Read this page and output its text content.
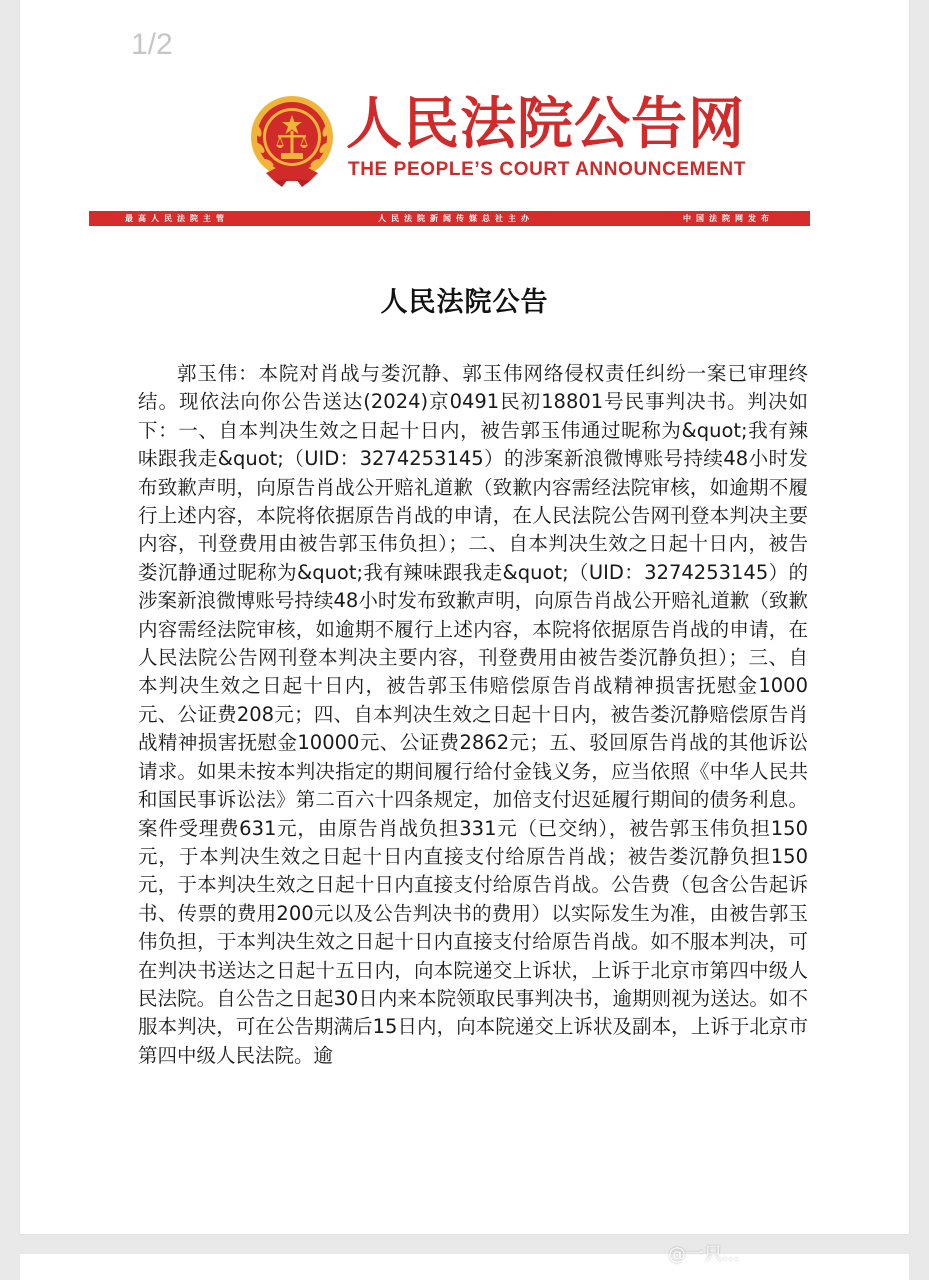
1/2
人民法院公告网
THE PEOPLE’S COURT ANNOUNCEMENT
最高人民法院主管	人民法院新闻传媒总社主办	中国法院网发布
人民法院公告
郭玉伟：本院对肖战与娄沉静、郭玉伟网络侵权责任纠纷一案已审理终结。现依法向你公告送达(2024)京0491民初18801号民事判决书。判决如下：一、自本判决生效之日起十日内，被告郭玉伟通过昵称为&quot;我有辣味跟我走&quot;（UID：3274253145）的涉案新浪微博账号持续48小时发布致歉声明，向原告肖战公开赔礼道歉（致歉内容需经法院审核，如逾期不履行上述内容，本院将依据原告肖战的申请，在人民法院公告网刊登本判决主要内容，刊登费用由被告郭玉伟负担）；二、自本判决生效之日起十日内，被告娄沉静通过昵称为&quot;我有辣味跟我走&quot;（UID：3274253145）的涉案新浪微博账号持续48小时发布致歉声明，向原告肖战公开赔礼道歉（致歉内容需经法院审核，如逾期不履行上述内容，本院将依据原告肖战的申请，在人民法院公告网刊登本判决主要内容，刊登费用由被告娄沉静负担）；三、自本判决生效之日起十日内，被告郭玉伟赔偿原告肖战精神损害抚慰金1000元、公证费208元；四、自本判决生效之日起十日内，被告娄沉静赔偿原告肖战精神损害抚慰金10000元、公证费2862元；五、驳回原告肖战的其他诉讼请求。如果未按本判决指定的期间履行给付金钱义务，应当依照《中华人民共和国民事诉讼法》第二百六十四条规定，加倍支付迟延履行期间的债务利息。案件受理费631元，由原告肖战负担331元（已交纳），被告郭玉伟负担150元，于本判决生效之日起十日内直接支付给原告肖战；被告娄沉静负担150元，于本判决生效之日起十日内直接支付给原告肖战。公告费（包含公告起诉书、传票的费用200元以及公告判决书的费用）以实际发生为准，由被告郭玉伟负担，于本判决生效之日起十日内直接支付给原告肖战。如不服本判决，可在判决书送达之日起十五日内，向本院递交上诉状，上诉于北京市第四中级人民法院。自公告之日起30日内来本院领取民事判决书，逾期则视为送达。如不服本判决，可在公告期满后15日内，向本院递交上诉状及副本，上诉于北京市第四中级人民法院。逾
@一只...
